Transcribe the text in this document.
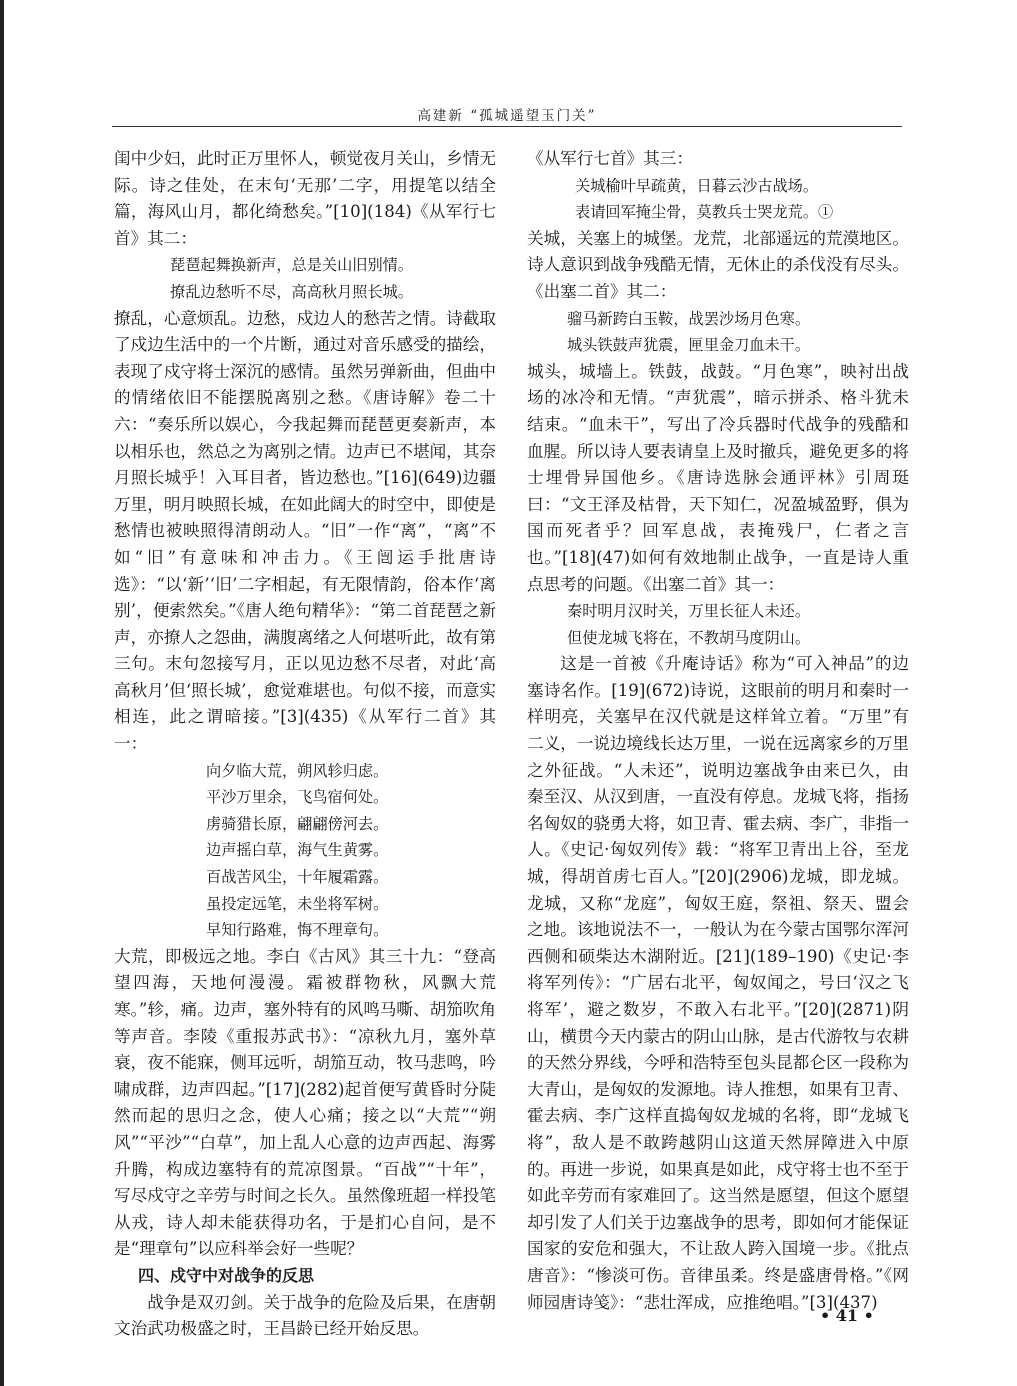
高建新 “孤城遥望玉门关”

闺中少妇，此时正万里怀人，顿觉夜月关山，乡情无际。诗之佳处，在末句‘无那’二字，用提笔以结全篇，海风山月，都化绮愁矣。”[10](184)《从军行七首》其二：

琵琶起舞换新声，总是关山旧别情。

撩乱边愁听不尽，高高秋月照长城。

撩乱，心意烦乱。边愁，戍边人的愁苦之情。诗截取了戍边生活中的一个片断，通过对音乐感受的描绘，表现了戍守将士深沉的感情。虽然另弹新曲，但曲中的情绪依旧不能摆脱离别之愁。《唐诗解》卷二十六：“奏乐所以娱心，今我起舞而琵琶更奏新声，本以相乐也，然总之为离别之情。边声已不堪闻，其奈月照长城乎！入耳目者，皆边愁也。”[16](649)边疆万里，明月映照长城，在如此阔大的时空中，即使是愁情也被映照得清朗动人。“旧”一作“离”，“离”不如“旧”有意味和冲击力。《王闿运手批唐诗选》：“以‘新’‘旧’二字相起，有无限情韵，俗本作‘离别’，便索然矣。”《唐人绝句精华》：“第二首琵琶之新声，亦撩人之怨曲，满腹离绪之人何堪听此，故有第三句。末句忽接写月，正以见边愁不尽者，对此‘高高秋月’但‘照长城’，愈觉难堪也。句似不接，而意实相连，此之谓暗接。”[3](435)《从军行二首》其一：

向夕临大荒，朔风轸归虑。

平沙万里余，飞鸟宿何处。

虏骑猎长原，翩翩傍河去。

边声摇白草，海气生黄雾。

百战苦风尘，十年履霜露。

虽投定远笔，未坐将军树。

早知行路难，悔不理章句。

大荒，即极远之地。李白《古风》其三十九：“登高望四海，天地何漫漫。霜被群物秋，风飘大荒寒。”轸，痛。边声，塞外特有的风鸣马嘶、胡笳吹角等声音。李陵《重报苏武书》：“凉秋九月，塞外草衰，夜不能寐，侧耳远听，胡笳互动，牧马悲鸣，吟啸成群，边声四起。”[17](282)起首便写黄昏时分陡然而起的思归之念，使人心痛；接之以“大荒”“朔风”“平沙”“白草”，加上乱人心意的边声西起、海雾升腾，构成边塞特有的荒凉图景。“百战”“十年”，写尽戍守之辛劳与时间之长久。虽然像班超一样投笔从戎，诗人却未能获得功名，于是扪心自问，是不是“理章句”以应科举会好一些呢？

四、戍守中对战争的反思

战争是双刃剑。关于战争的危险及后果，在唐朝文治武功极盛之时，王昌龄已经开始反思。

《从军行七首》其三：

关城榆叶早疏黄，日暮云沙古战场。

表请回军掩尘骨，莫教兵士哭龙荒。①

关城，关塞上的城堡。龙荒，北部遥远的荒漠地区。诗人意识到战争残酷无情，无休止的杀伐没有尽头。《出塞二首》其二：

骝马新跨白玉鞍，战罢沙场月色寒。

城头铁鼓声犹震，匣里金刀血未干。

城头，城墙上。铁鼓，战鼓。“月色寒”，映衬出战场的冰冷和无情。“声犹震”，暗示拼杀、格斗犹未结束。“血未干”，写出了冷兵器时代战争的残酷和血腥。所以诗人要表请皇上及时撤兵，避免更多的将士埋骨异国他乡。《唐诗选脉会通评林》引周珽曰：“文王泽及枯骨，天下知仁，况盈城盈野，俱为国而死者乎？回军息战，表掩残尸，仁者之言也。”[18](47)如何有效地制止战争，一直是诗人重点思考的问题。《出塞二首》其一：

秦时明月汉时关，万里长征人未还。

但使龙城飞将在，不教胡马度阴山。

这是一首被《升庵诗话》称为“可入神品”的边塞诗名作。[19](672)诗说，这眼前的明月和秦时一样明亮，关塞早在汉代就是这样耸立着。“万里”有二义，一说边境线长达万里，一说在远离家乡的万里之外征战。“人未还”，说明边塞战争由来已久，由秦至汉、从汉到唐，一直没有停息。龙城飞将，指扬名匈奴的骁勇大将，如卫青、霍去病、李广，非指一人。《史记·匈奴列传》载：“将军卫青出上谷，至龙城，得胡首虏七百人。”[20](2906)龙城，即龙城。龙城，又称“龙庭”，匈奴王庭，祭祖、祭天、盟会之地。该地说法不一，一般认为在今蒙古国鄂尔浑河西侧和硕柴达木湖附近。[21](189–190)《史记·李将军列传》：“广居右北平，匈奴闻之，号曰‘汉之飞将军’，避之数岁，不敢入右北平。”[20](2871)阴山，横贯今天内蒙古的阴山山脉，是古代游牧与农耕的天然分界线，今呼和浩特至包头昆都仑区一段称为大青山，是匈奴的发源地。诗人推想，如果有卫青、霍去病、李广这样直捣匈奴龙城的名将，即“龙城飞将”，敌人是不敢跨越阴山这道天然屏障进入中原的。再进一步说，如果真是如此，戍守将士也不至于如此辛劳而有家难回了。这当然是愿望，但这个愿望却引发了人们关于边塞战争的思考，即如何才能保证国家的安危和强大，不让敌人跨入国境一步。《批点唐音》：“惨淡可伤。音律虽柔。终是盛唐骨格。”《网师园唐诗笺》：“悲壮浑成，应推绝唱。”[3](437)

• 41 •
